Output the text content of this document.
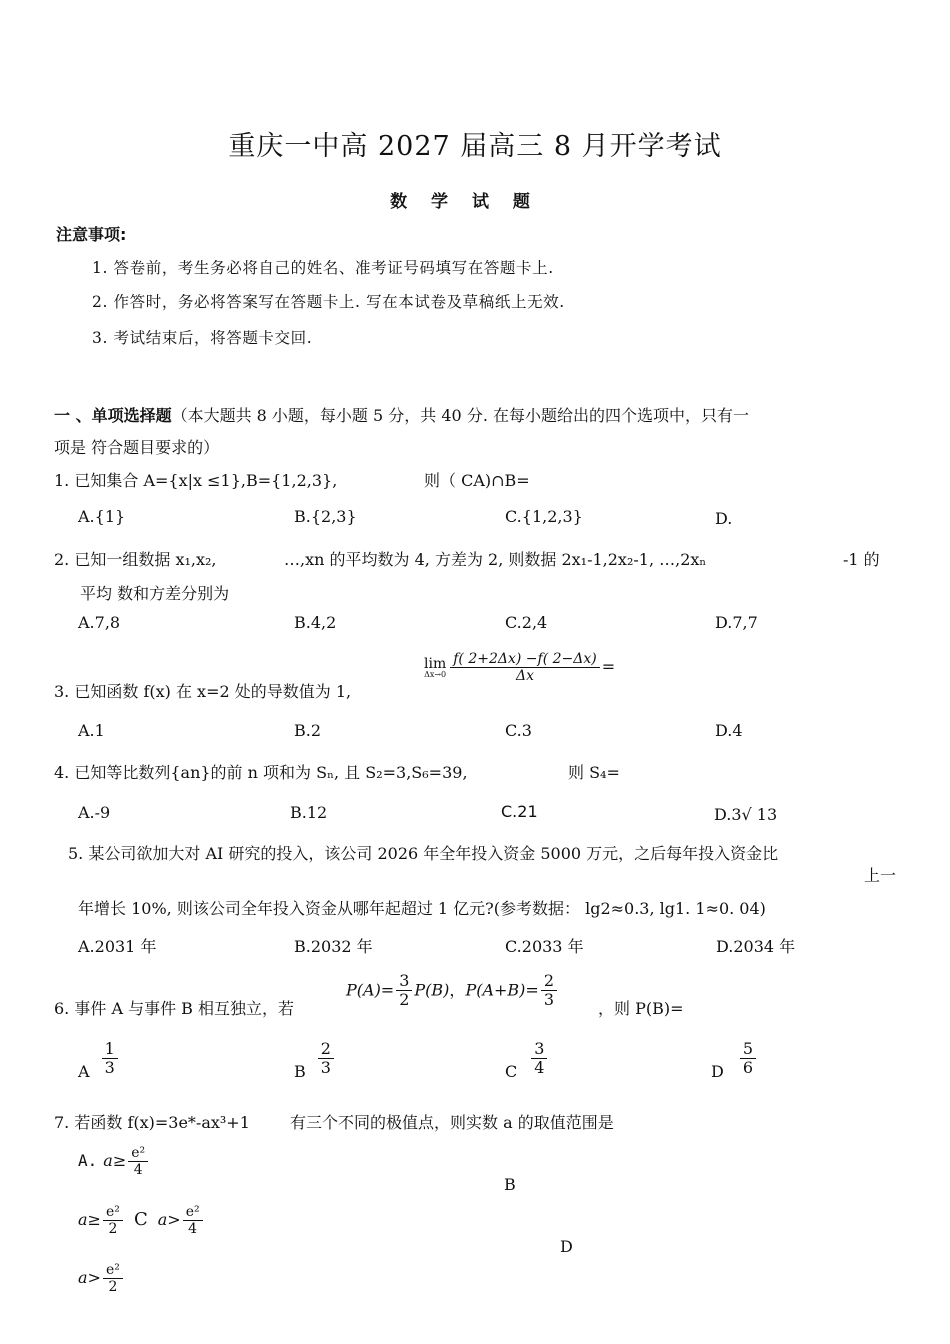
重庆一中高 2027 届高三 8 月开学考试
数 学 试 题
注意事项:
1. 答卷前，考生务必将自己的姓名、准考证号码填写在答题卡上.
2. 作答时，务必将答案写在答题卡上. 写在本试卷及草稿纸上无效.
3. 考试结束后，将答题卡交回.
一 、单项选择题（本大题共 8 小题，每小题 5 分，共 40 分. 在每小题给出的四个选项中，只有一
项是 符合题目要求的）
1. 已知集合 A={x|x ≤1},B={1,2,3},	则（ CA)∩B=
A.{1}	B.{2,3}	C.{1,2,3}	D.
2. 已知一组数据 x₁,x₂,	…,xn 的平均数为 4, 方差为 2, 则数据 2x₁-1,2x₂-1, …,2xₙ	-1 的
平均 数和方差分别为
A.7,8	B.4,2	C.2,4	D.7,7
3. 已知函数 f(x) 在 x=2 处的导数值为 1,
lim
$\Delta x\to 0 \frac{f( 2+2\Delta x) -f( 2-\Delta x)}{\Delta x}$ =
A.1	B.2	C.3	D.4
4. 已知等比数列{an}的前 n 项和为 Sₙ, 且 S₂=3,S₆=39,	则 S₄=
A.-9	B.12	C.21	D.3√ 13
5. 某公司欲加大对 AI 研究的投入，该公司 2026 年全年投入资金 5000 万元，之后每年投入资金比
上一
年增长 10%, 则该公司全年投入资金从哪年起超过 1 亿元?(参考数据： lg2≈0.3, lg1. 1≈0. 04)
A.2031 年	B.2032 年	C.2033 年	D.2034 年
6. 事件 A 与事件 B 相互独立，若
$P(A)= \frac{3}{2} P(B)$，$P(A+B)= \frac{2}{3}$	，则 P(B)=
A $\frac{1}{3}$	B $\frac{2}{3}$	C $\frac{3}{4}$	D $\frac{5}{6}$
7. 若函数 f(x)=3e*-ax³+1	有三个不同的极值点，则实数 a 的取值范围是
A. $a\ge \frac{\text{e²}}{4}$
B
$a\ge \frac{\text{e²}}{2}$ C $a> \frac{\text{e²}}{4}$
D
$a> \frac{\text{e²}}{2}$
